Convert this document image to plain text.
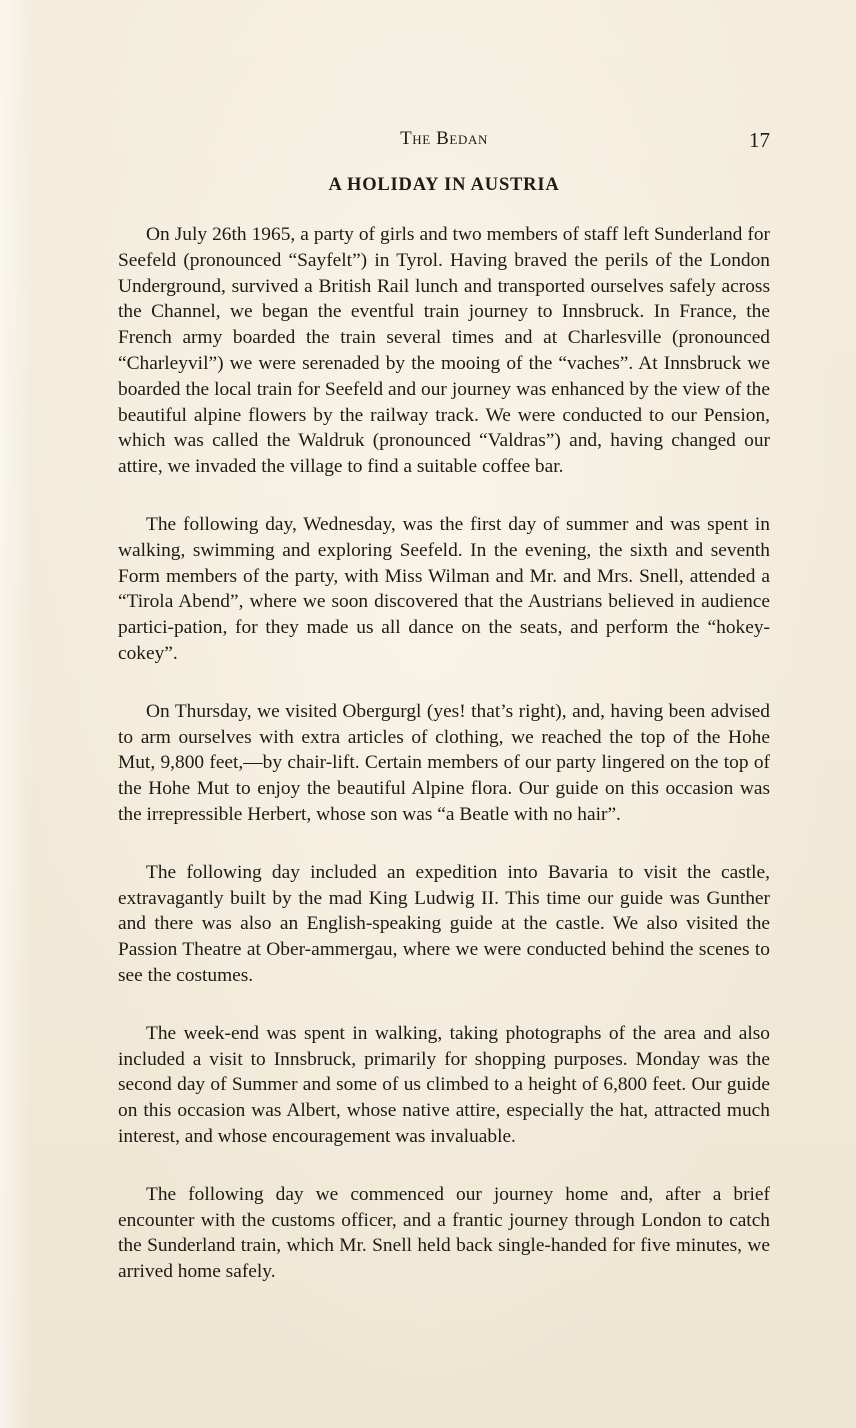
The Bedan	17
A HOLIDAY IN AUSTRIA

On July 26th 1965, a party of girls and two members of staff left Sunderland for Seefeld (pronounced “Sayfelt”) in Tyrol. Having braved the perils of the London Underground, survived a British Rail lunch and transported ourselves safely across the Channel, we began the eventful train journey to Innsbruck. In France, the French army boarded the train several times and at Charlesville (pronounced “Charleyvil”) we were serenaded by the mooing of the “vaches”. At Innsbruck we boarded the local train for Seefeld and our journey was enhanced by the view of the beautiful alpine flowers by the railway track. We were conducted to our Pension, which was called the Waldruk (pronounced “Valdras”) and, having changed our attire, we invaded the village to find a suitable coffee bar.

The following day, Wednesday, was the first day of summer and was spent in walking, swimming and exploring Seefeld. In the evening, the sixth and seventh Form members of the party, with Miss Wilman and Mr. and Mrs. Snell, attended a “Tirola Abend”, where we soon discovered that the Austrians believed in audience partici-pation, for they made us all dance on the seats, and perform the “hokey-cokey”.

On Thursday, we visited Obergurgl (yes! that’s right), and, having been advised to arm ourselves with extra articles of clothing, we reached the top of the Hohe Mut, 9,800 feet,—by chair-lift. Certain members of our party lingered on the top of the Hohe Mut to enjoy the beautiful Alpine flora. Our guide on this occasion was the irrepressible Herbert, whose son was “a Beatle with no hair”.

The following day included an expedition into Bavaria to visit the castle, extravagantly built by the mad King Ludwig II. This time our guide was Gunther and there was also an English-speaking guide at the castle. We also visited the Passion Theatre at Ober-ammergau, where we were conducted behind the scenes to see the costumes.

The week-end was spent in walking, taking photographs of the area and also included a visit to Innsbruck, primarily for shopping purposes. Monday was the second day of Summer and some of us climbed to a height of 6,800 feet. Our guide on this occasion was Albert, whose native attire, especially the hat, attracted much interest, and whose encouragement was invaluable.

The following day we commenced our journey home and, after a brief encounter with the customs officer, and a frantic journey through London to catch the Sunderland train, which Mr. Snell held back single-handed for five minutes, we arrived home safely.
